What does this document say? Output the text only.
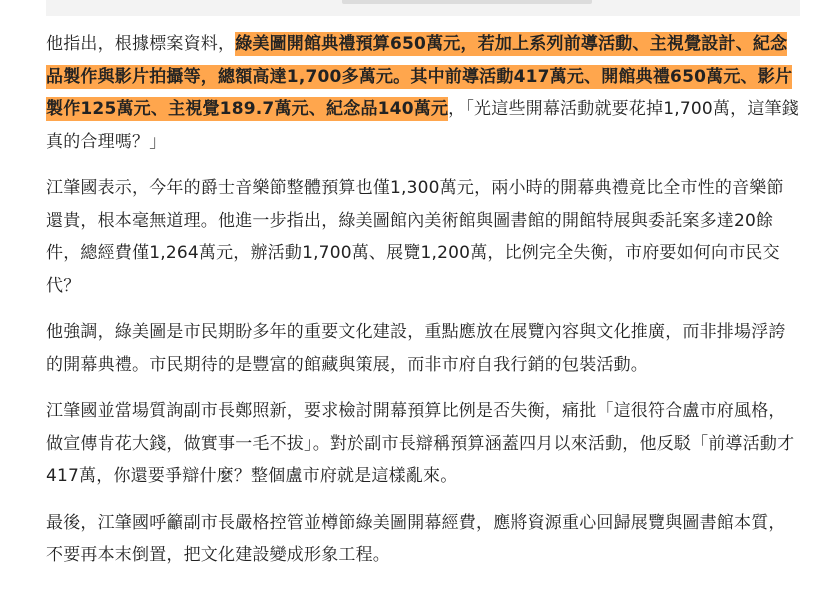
他指出，根據標案資料，綠美圖開館典禮預算650萬元，若加上系列前導活動、主視覺設計、紀念品製作與影片拍攝等，總額高達1,700多萬元。其中前導活動417萬元、開館典禮650萬元、影片製作125萬元、主視覺189.7萬元、紀念品140萬元，「光這些開幕活動就要花掉1,700萬，這筆錢真的合理嗎？」

江肇國表示，今年的爵士音樂節整體預算也僅1,300萬元，兩小時的開幕典禮竟比全市性的音樂節還貴，根本毫無道理。他進一步指出，綠美圖館內美術館與圖書館的開館特展與委託案多達20餘件，總經費僅1,264萬元，辦活動1,700萬、展覽1,200萬，比例完全失衡，市府要如何向市民交代？

他強調，綠美圖是市民期盼多年的重要文化建設，重點應放在展覽內容與文化推廣，而非排場浮誇的開幕典禮。市民期待的是豐富的館藏與策展，而非市府自我行銷的包裝活動。

江肇國並當場質詢副市長鄭照新，要求檢討開幕預算比例是否失衡，痛批「這很符合盧市府風格，做宣傳肯花大錢，做實事一毛不拔」。對於副市長辯稱預算涵蓋四月以來活動，他反駁「前導活動才417萬，你還要爭辯什麼？整個盧市府就是這樣亂來。

最後，江肇國呼籲副市長嚴格控管並樽節綠美圖開幕經費，應將資源重心回歸展覽與圖書館本質，不要再本末倒置，把文化建設變成形象工程。
